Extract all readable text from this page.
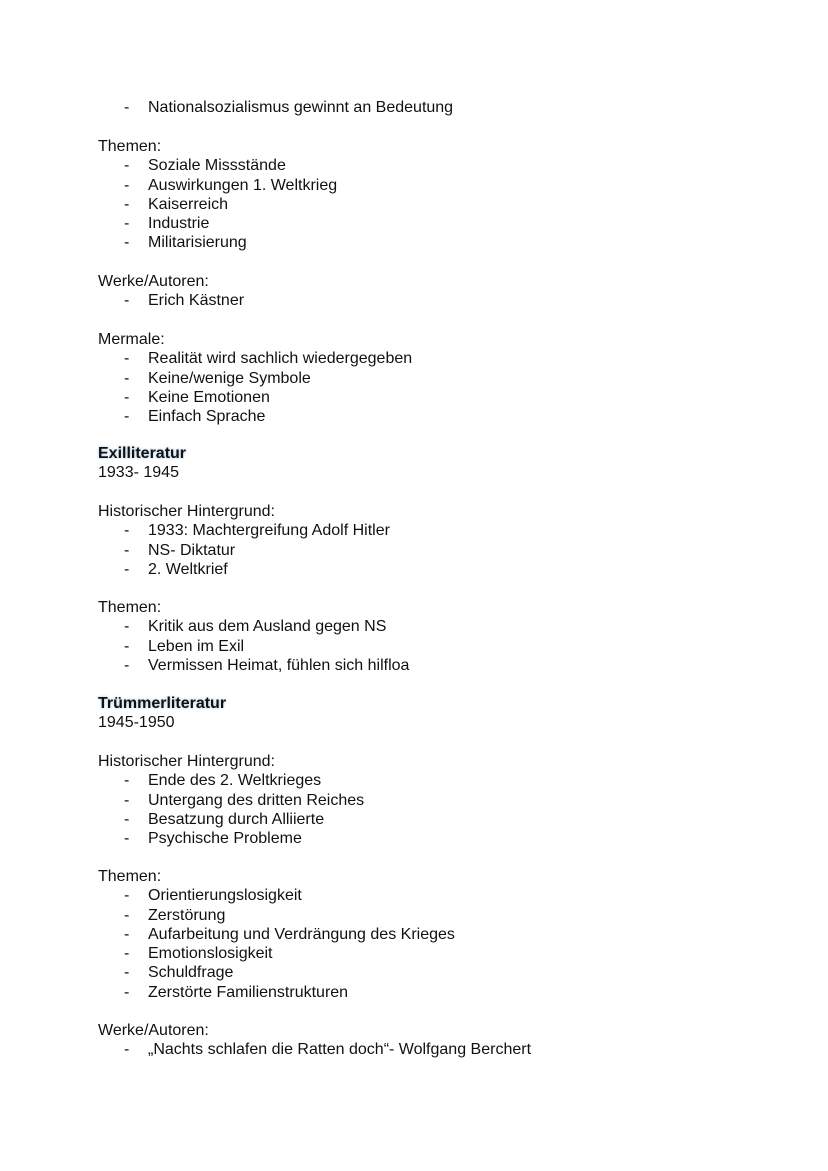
- Nationalsozialismus gewinnt an Bedeutung
Themen:
- Soziale Missstände
- Auswirkungen 1. Weltkrieg
- Kaiserreich
- Industrie
- Militarisierung
Werke/Autoren:
- Erich Kästner
Mermale:
- Realität wird sachlich wiedergegeben
- Keine/wenige Symbole
- Keine Emotionen
- Einfach Sprache
Exilliteratur
1933- 1945
Historischer Hintergrund:
- 1933: Machtergreifung Adolf Hitler
- NS- Diktatur
- 2. Weltkrief
Themen:
- Kritik aus dem Ausland gegen NS
- Leben im Exil
- Vermissen Heimat, fühlen sich hilfloa
Trümmerliteratur
1945-1950
Historischer Hintergrund:
- Ende des 2. Weltkrieges
- Untergang des dritten Reiches
- Besatzung durch Alliierte
- Psychische Probleme
Themen:
- Orientierungslosigkeit
- Zerstörung
- Aufarbeitung und Verdrängung des Krieges
- Emotionslosigkeit
- Schuldfrage
- Zerstörte Familienstrukturen
Werke/Autoren:
- „Nachts schlafen die Ratten doch“- Wolfgang Berchert
